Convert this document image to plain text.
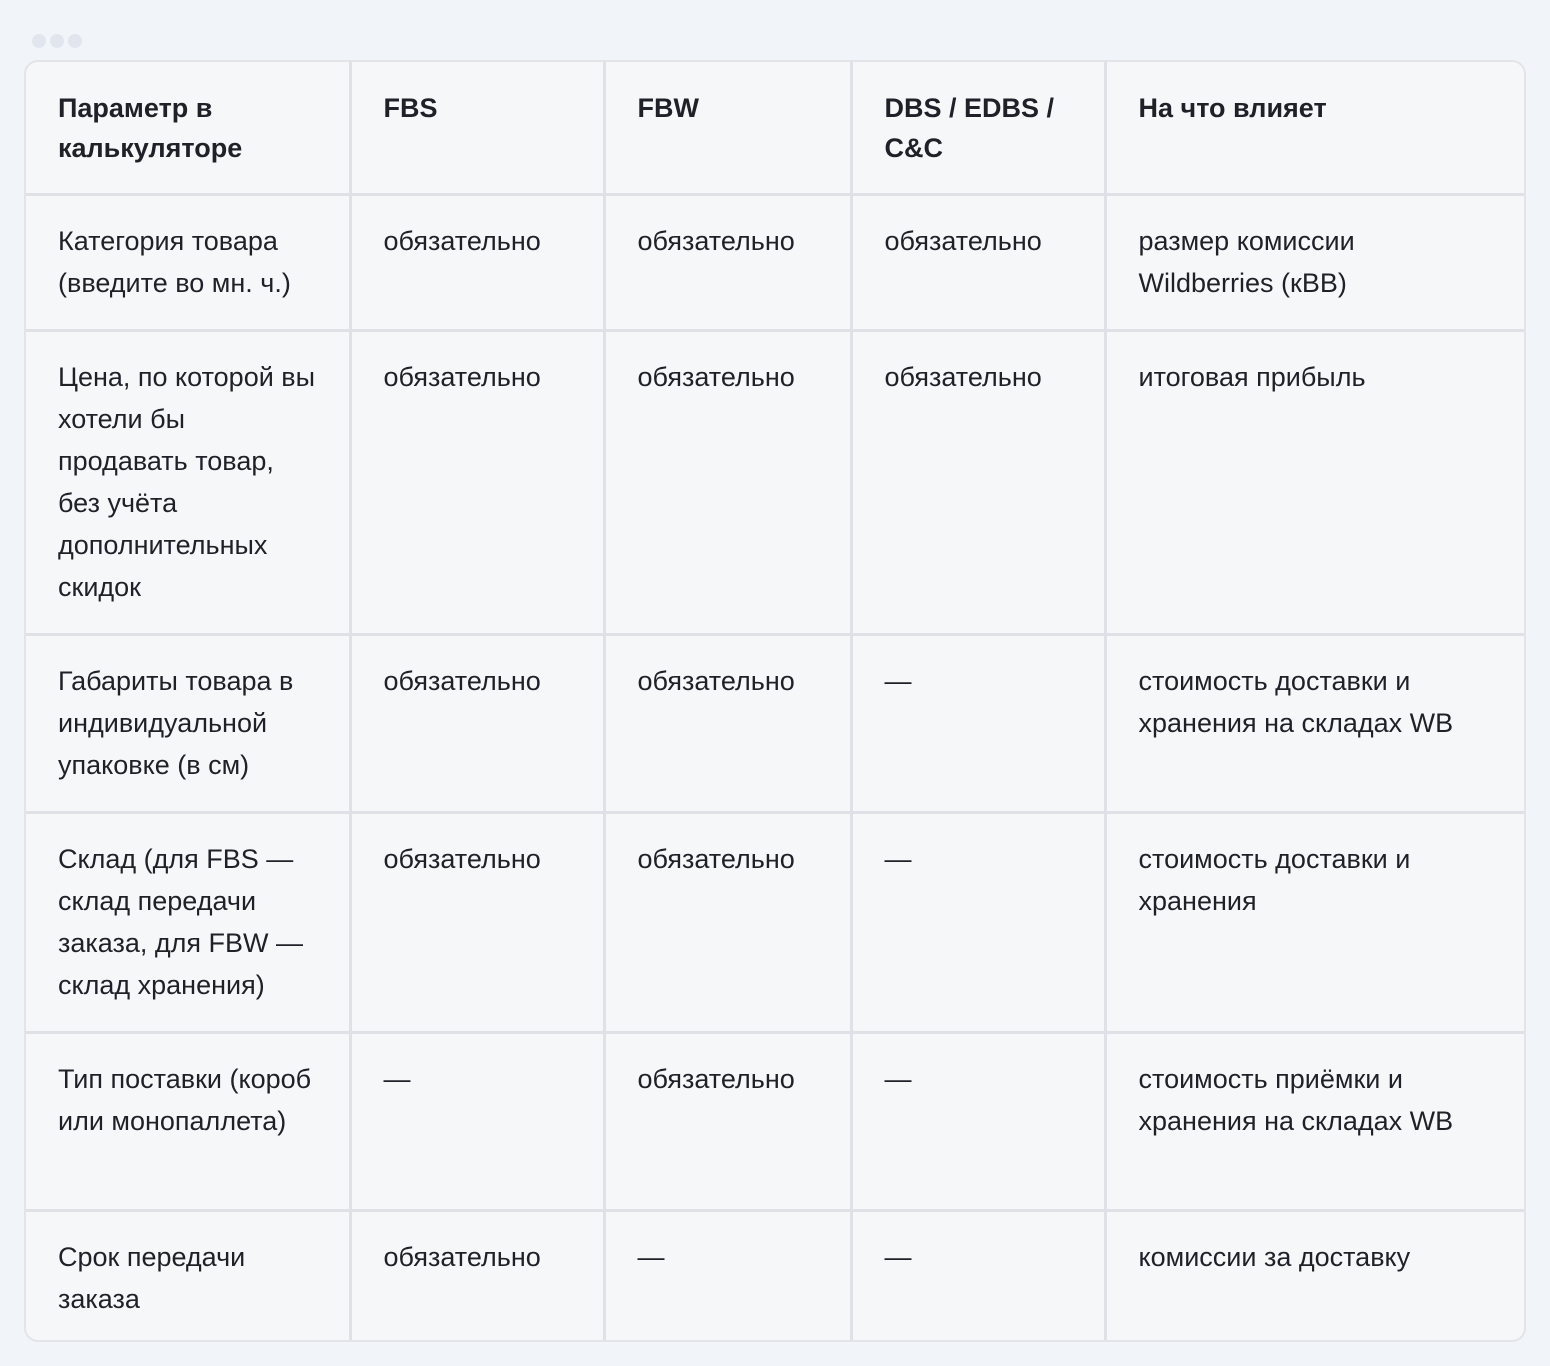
Параметр в калькуляторе	FBS	FBW	DBS / EDBS / C&C	На что влияет
Категория товара (введите во мн. ч.)	обязательно	обязательно	обязательно	размер комиссии Wildberries (кВВ)
Цена, по которой вы хотели бы продавать товар, без учёта дополнительных скидок	обязательно	обязательно	обязательно	итоговая прибыль
Габариты товара в индивидуальной упаковке (в см)	обязательно	обязательно	—	стоимость доставки и хранения на складах WB
Склад (для FBS — склад передачи заказа, для FBW — склад хранения)	обязательно	обязательно	—	стоимость доставки и хранения
Тип поставки (короб или монопаллета)	—	обязательно	—	стоимость приёмки и хранения на складах WB
Срок передачи заказа	обязательно	—	—	комиссии за доставку
